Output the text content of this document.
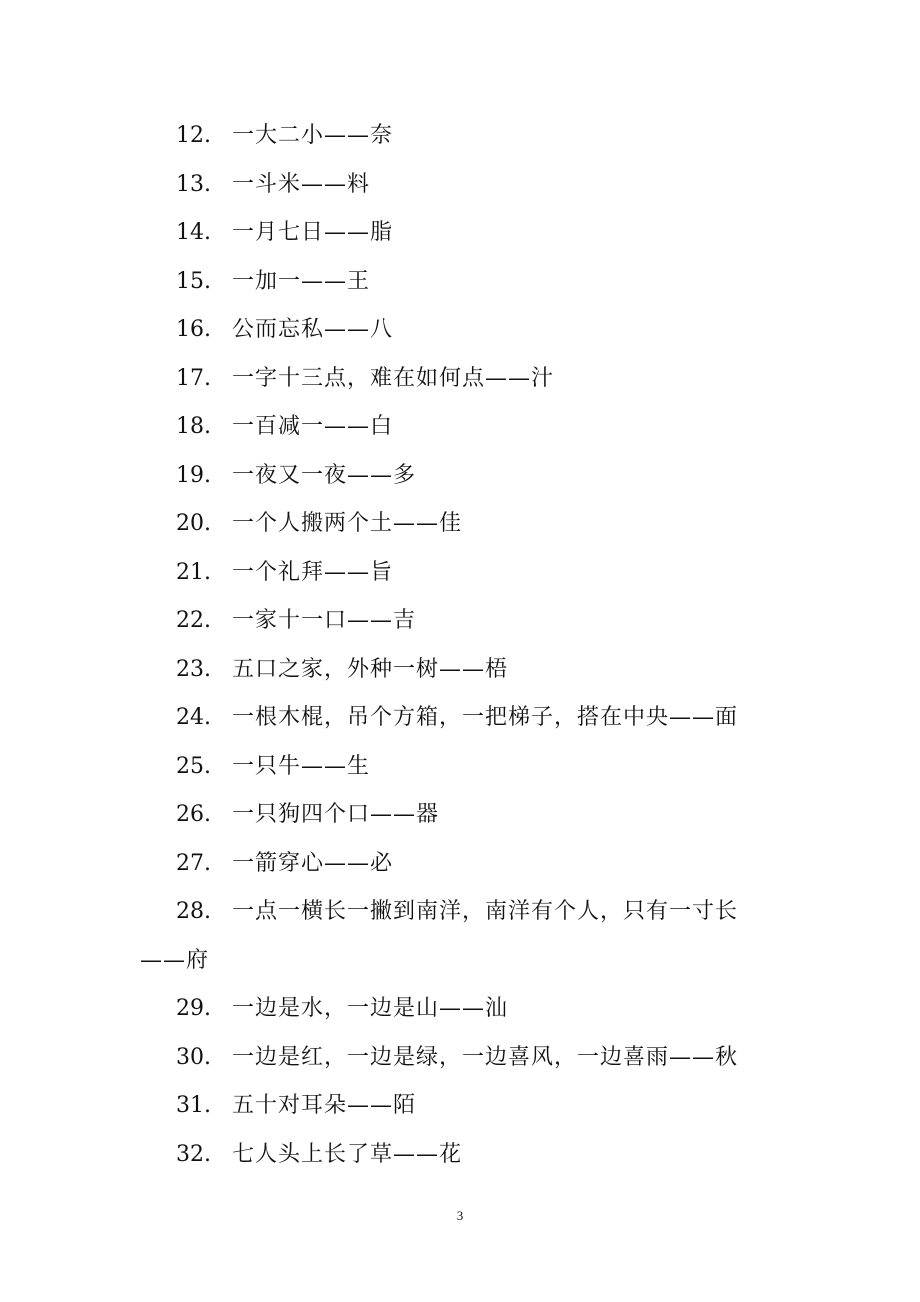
12. 一大二小——奈
13. 一斗米——料
14. 一月七日——脂
15. 一加一——王
16. 公而忘私——八
17. 一字十三点，难在如何点——汁
18. 一百减一——白
19. 一夜又一夜——多
20. 一个人搬两个土——佳
21. 一个礼拜——旨
22. 一家十一口——吉
23. 五口之家，外种一树——梧
24. 一根木棍，吊个方箱，一把梯子，搭在中央——面
25. 一只牛——生
26. 一只狗四个口——器
27. 一箭穿心——必
28. 一点一横长一撇到南洋，南洋有个人，只有一寸长——府
29. 一边是水，一边是山——汕
30. 一边是红，一边是绿，一边喜风，一边喜雨——秋
31. 五十对耳朵——陌
32. 七人头上长了草——花
3
